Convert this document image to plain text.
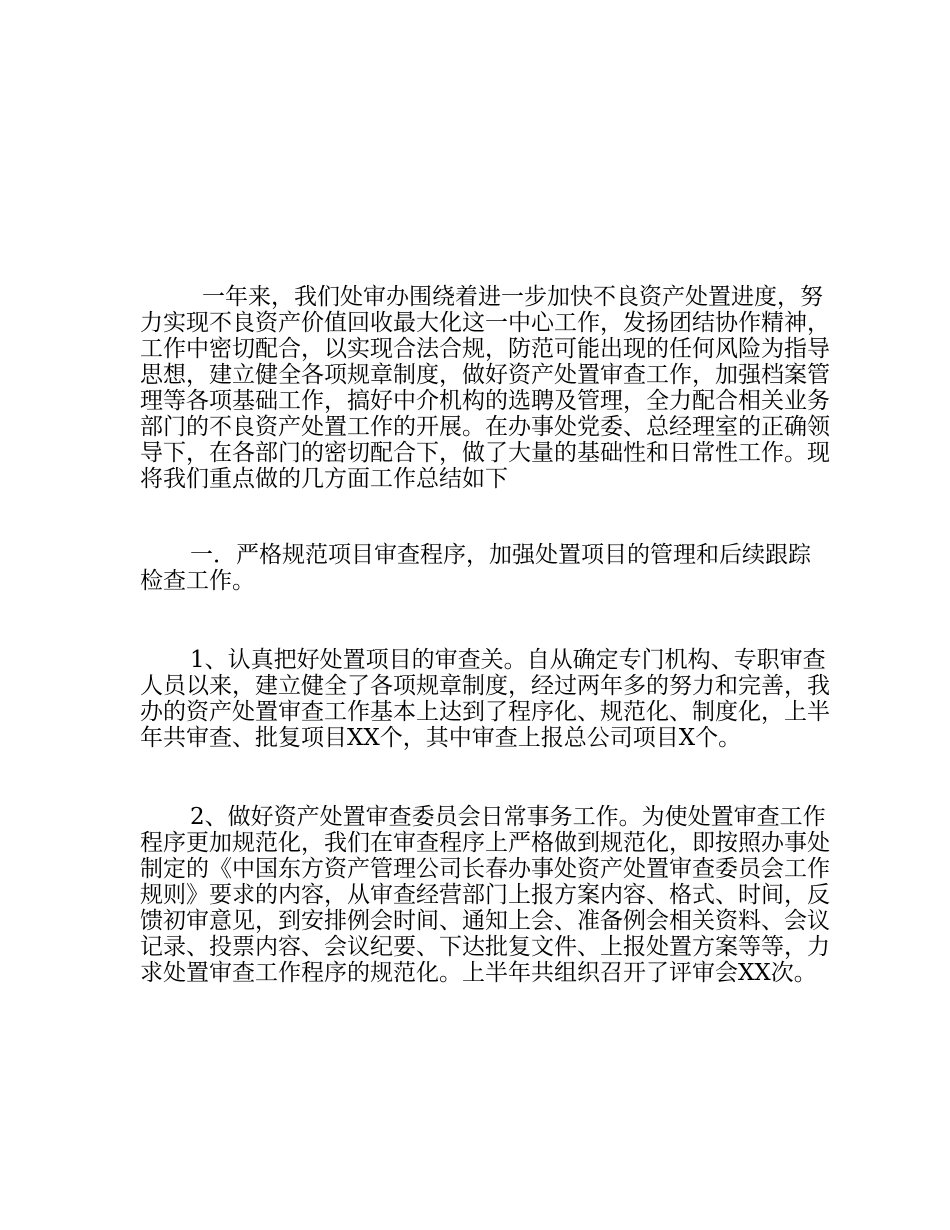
一年来，我们处审办围绕着进一步加快不良资产处置进度，努力实现不良资产价值回收最大化这一中心工作，发扬团结协作精神，工作中密切配合，以实现合法合规，防范可能出现的任何风险为指导思想，建立健全各项规章制度，做好资产处置审查工作，加强档案管理等各项基础工作，搞好中介机构的选聘及管理，全力配合相关业务部门的不良资产处置工作的开展。在办事处党委、总经理室的正确领导下，在各部门的密切配合下，做了大量的基础性和日常性工作。现将我们重点做的几方面工作总结如下

一．严格规范项目审查程序，加强处置项目的管理和后续跟踪检查工作。

1、认真把好处置项目的审查关。自从确定专门机构、专职审查人员以来，建立健全了各项规章制度，经过两年多的努力和完善，我办的资产处置审查工作基本上达到了程序化、规范化、制度化，上半年共审查、批复项目XX个，其中审查上报总公司项目X个。

2、做好资产处置审查委员会日常事务工作。为使处置审查工作程序更加规范化，我们在审查程序上严格做到规范化，即按照办事处制定的《中国东方资产管理公司长春办事处资产处置审查委员会工作规则》要求的内容，从审查经营部门上报方案内容、格式、时间，反馈初审意见，到安排例会时间、通知上会、准备例会相关资料、会议记录、投票内容、会议纪要、下达批复文件、上报处置方案等等，力求处置审查工作程序的规范化。上半年共组织召开了评审会XX次。
